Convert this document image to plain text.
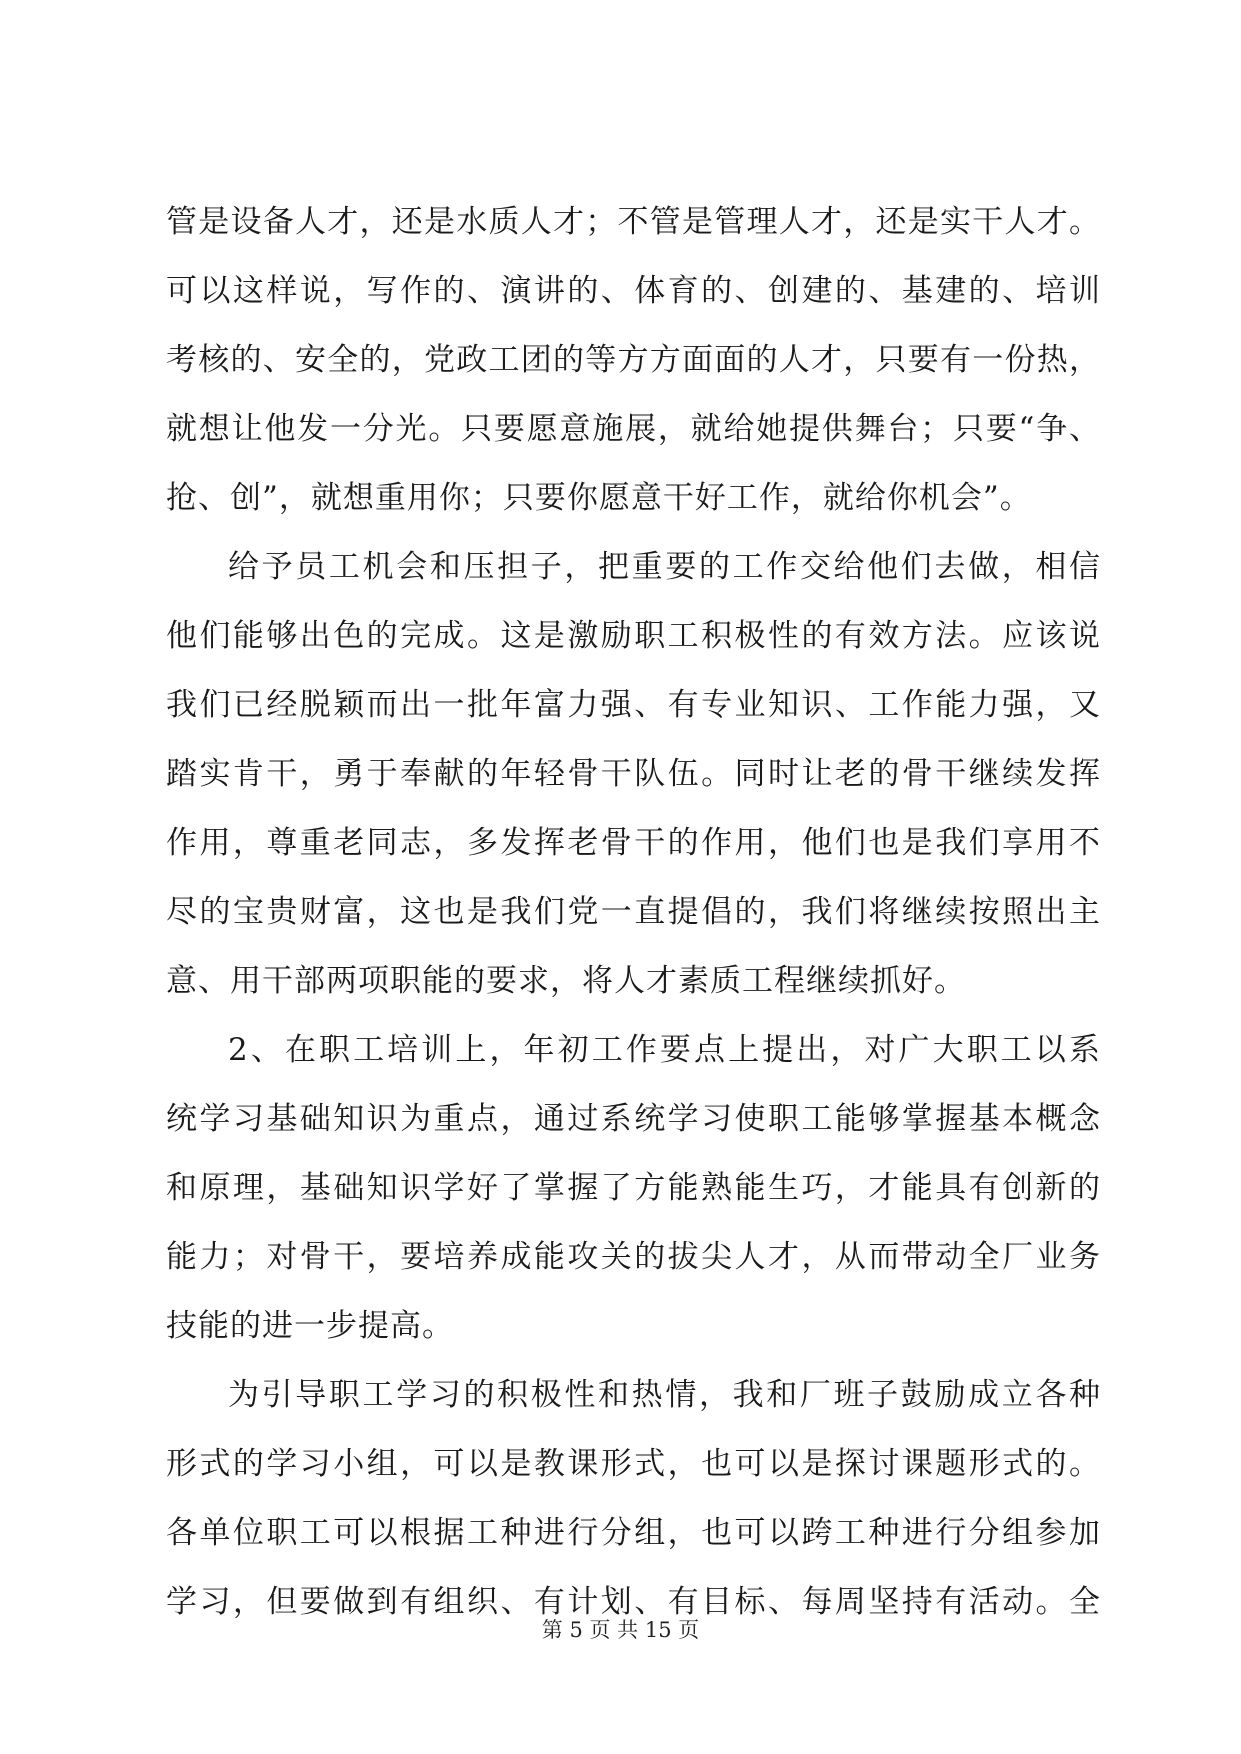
管是设备人才，还是水质人才；不管是管理人才，还是实干人才。
可以这样说，写作的、演讲的、体育的、创建的、基建的、培训
考核的、安全的，党政工团的等方方面面的人才，只要有一份热，
就想让他发一分光。只要愿意施展，就给她提供舞台；只要“争、
抢、创”，就想重用你；只要你愿意干好工作，就给你机会”。
给予员工机会和压担子，把重要的工作交给他们去做，相信
他们能够出色的完成。这是激励职工积极性的有效方法。应该说
我们已经脱颖而出一批年富力强、有专业知识、工作能力强，又
踏实肯干，勇于奉献的年轻骨干队伍。同时让老的骨干继续发挥
作用，尊重老同志，多发挥老骨干的作用，他们也是我们享用不
尽的宝贵财富，这也是我们党一直提倡的，我们将继续按照出主
意、用干部两项职能的要求，将人才素质工程继续抓好。
2、在职工培训上，年初工作要点上提出，对广大职工以系
统学习基础知识为重点，通过系统学习使职工能够掌握基本概念
和原理，基础知识学好了掌握了方能熟能生巧，才能具有创新的
能力；对骨干，要培养成能攻关的拔尖人才，从而带动全厂业务
技能的进一步提高。
为引导职工学习的积极性和热情，我和厂班子鼓励成立各种
形式的学习小组，可以是教课形式，也可以是探讨课题形式的。
各单位职工可以根据工种进行分组，也可以跨工种进行分组参加
学习，但要做到有组织、有计划、有目标、每周坚持有活动。全
第 5 页 共 15 页
